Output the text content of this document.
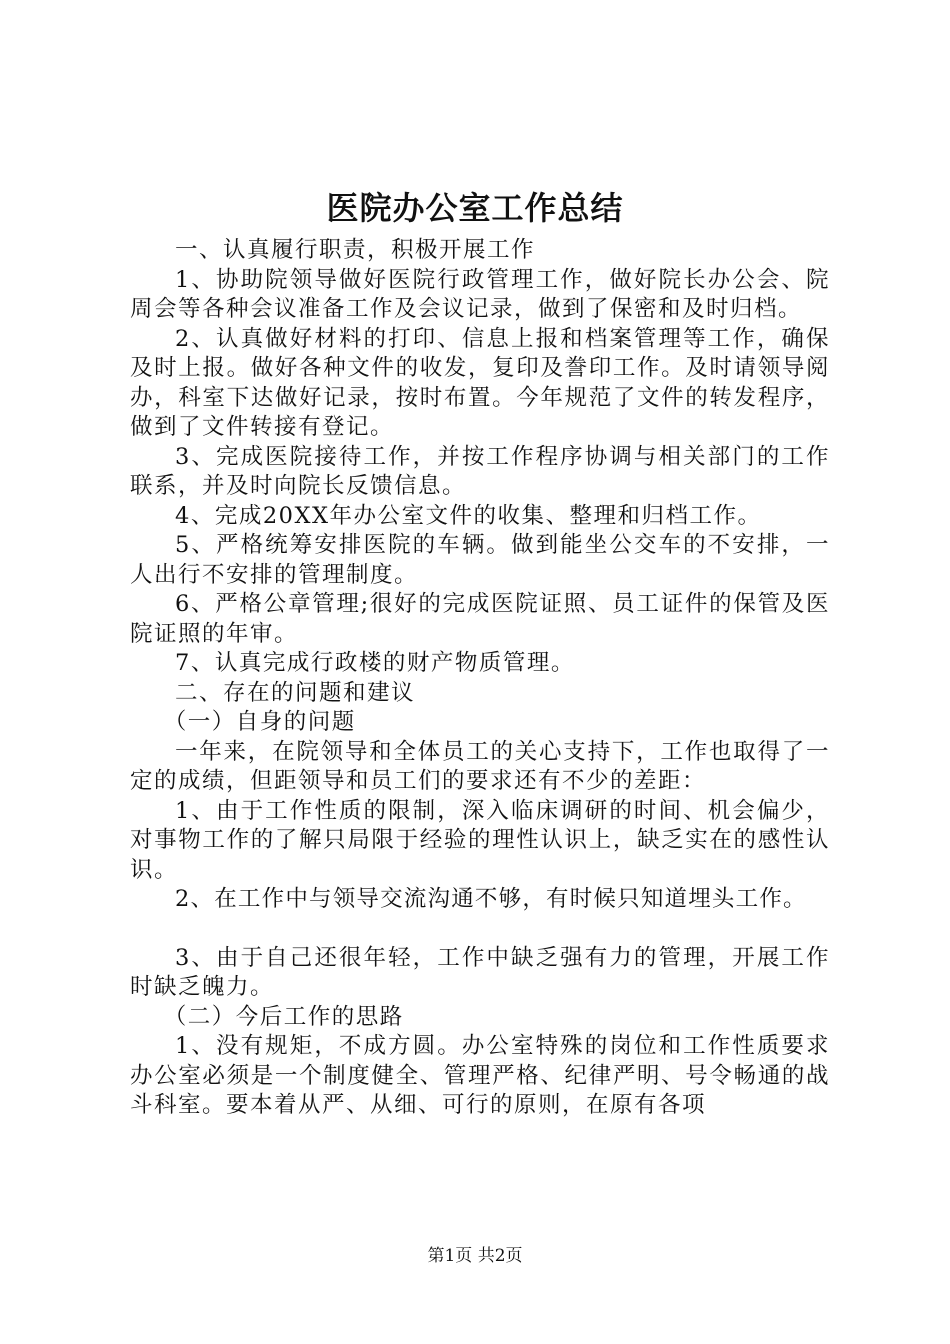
医院办公室工作总结

一、认真履行职责，积极开展工作

1、协助院领导做好医院行政管理工作，做好院长办公会、院周会等各种会议准备工作及会议记录，做到了保密和及时归档。

2、认真做好材料的打印、信息上报和档案管理等工作，确保及时上报。做好各种文件的收发，复印及誊印工作。及时请领导阅办，科室下达做好记录，按时布置。今年规范了文件的转发程序，做到了文件转接有登记。

3、完成医院接待工作，并按工作程序协调与相关部门的工作联系，并及时向院长反馈信息。

4、完成20XX年办公室文件的收集、整理和归档工作。

5、严格统筹安排医院的车辆。做到能坐公交车的不安排，一人出行不安排的管理制度。

6、严格公章管理;很好的完成医院证照、员工证件的保管及医院证照的年审。

7、认真完成行政楼的财产物质管理。

二、存在的问题和建议

（一）自身的问题

一年来，在院领导和全体员工的关心支持下，工作也取得了一定的成绩，但距领导和员工们的要求还有不少的差距：

1、由于工作性质的限制，深入临床调研的时间、机会偏少，对事物工作的了解只局限于经验的理性认识上，缺乏实在的感性认识。

2、在工作中与领导交流沟通不够，有时候只知道埋头工作。

3、由于自己还很年轻，工作中缺乏强有力的管理，开展工作时缺乏魄力。

（二）今后工作的思路

1、没有规矩，不成方圆。办公室特殊的岗位和工作性质要求办公室必须是一个制度健全、管理严格、纪律严明、号令畅通的战斗科室。要本着从严、从细、可行的原则，在原有各项

第1页 共2页
